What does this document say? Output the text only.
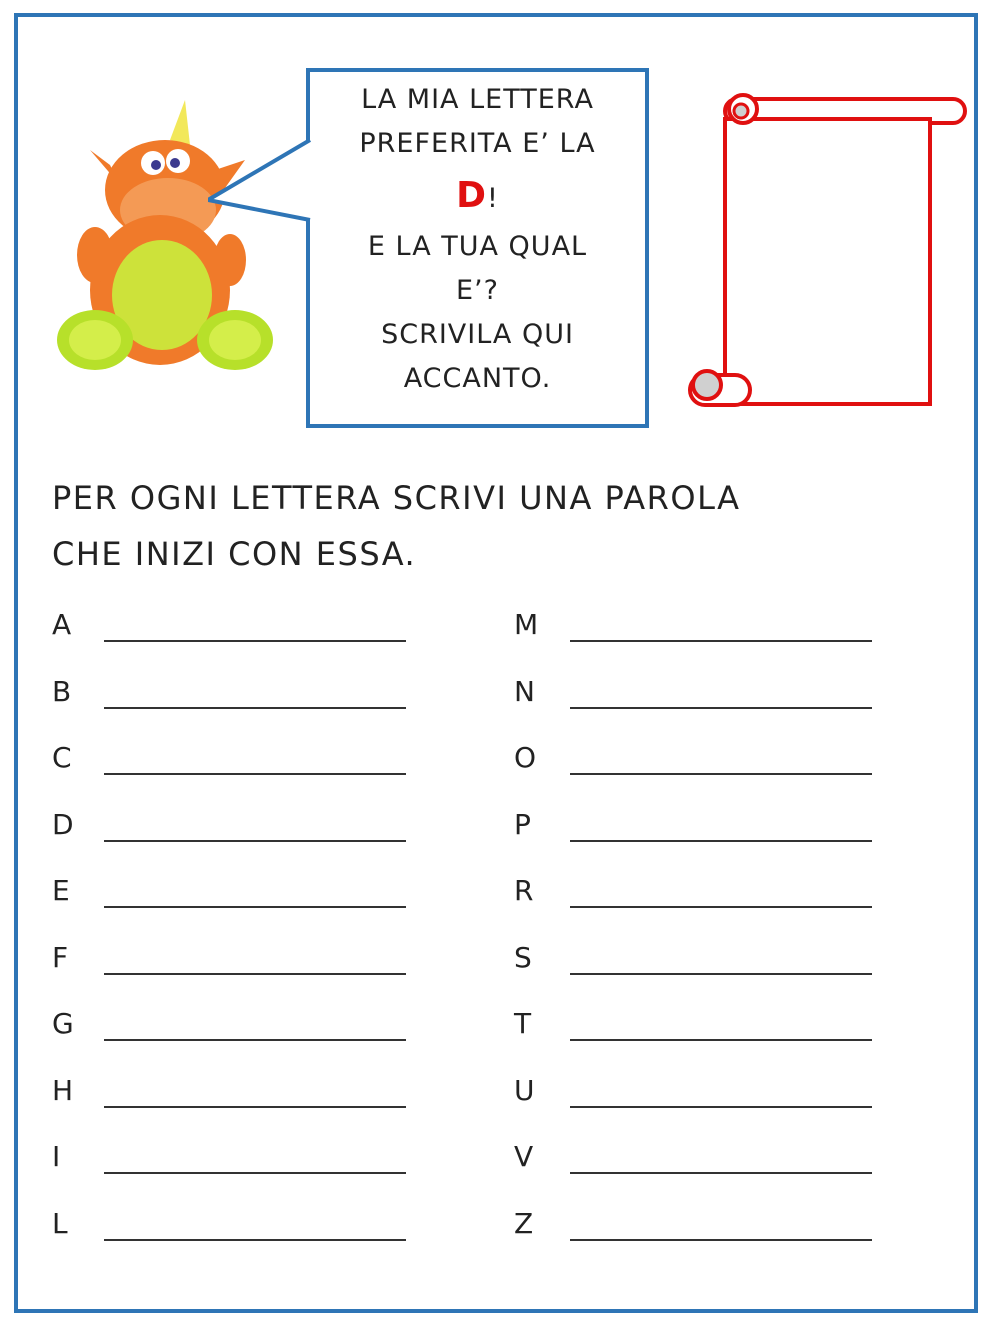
LA MIA LETTERA
PREFERITA E’ LA
D!
E LA TUA QUAL
E’?
SCRIVILA QUI
ACCANTO.
PER OGNI LETTERA SCRIVI UNA PAROLA
CHE INIZI CON ESSA.
A
B
C
D
E
F
G
H
I
L
M
N
O
P
R
S
T
U
V
Z
